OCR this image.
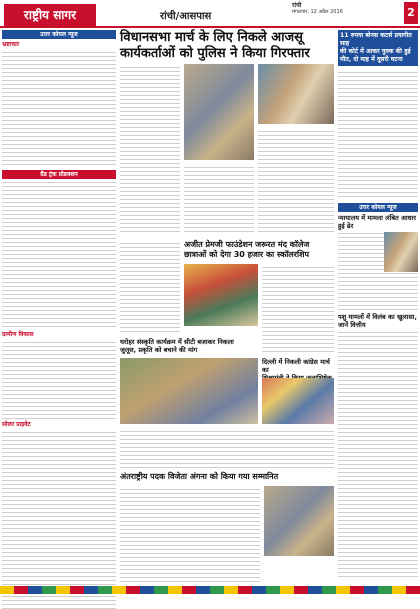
राष्ट्रीय सागर	रांची/आसपास
रांची
मंगलवार, 12 अप्रैल 2016	2
उत्तर कोयल न्यूज
भ्रष्टाचार
ग्रैंड ट्रंक प्रोडक्शन
ग्रामीण विकास
सोलर प्राइवेट
विधानसभा मार्च के लिए निकले आजसू
कार्यकर्ताओं को पुलिस ने किया गिरफ्तार
अजीत प्रेमजी फाउंडेशन जरूरत मंद कॉलेज
छात्राओं को देगा 30 हजार का स्कॉलरशिप
दिल्ली में निकली कांग्रेस मार्च का
धरोहर संस्कृति कार्यक्रम में सीटी बजाकर निकला
जुलूस, प्रकृति को बचाने की मांग
अंतराष्ट्रीय पदक विजेता अंगना को किया गया सम्मानित
11 रुपया बोनस कटर्स प्रयागीत साह
की कोर्ट में आकर युवक की हुई
मौत, दो माह में दूसरी घटना
उत्तर कोयल न्यूज
न्यायालय में मामला लंबित आधार हुई ढेर
पशु मामलों में विलंब का खुलासा, जानें वित्तीय
